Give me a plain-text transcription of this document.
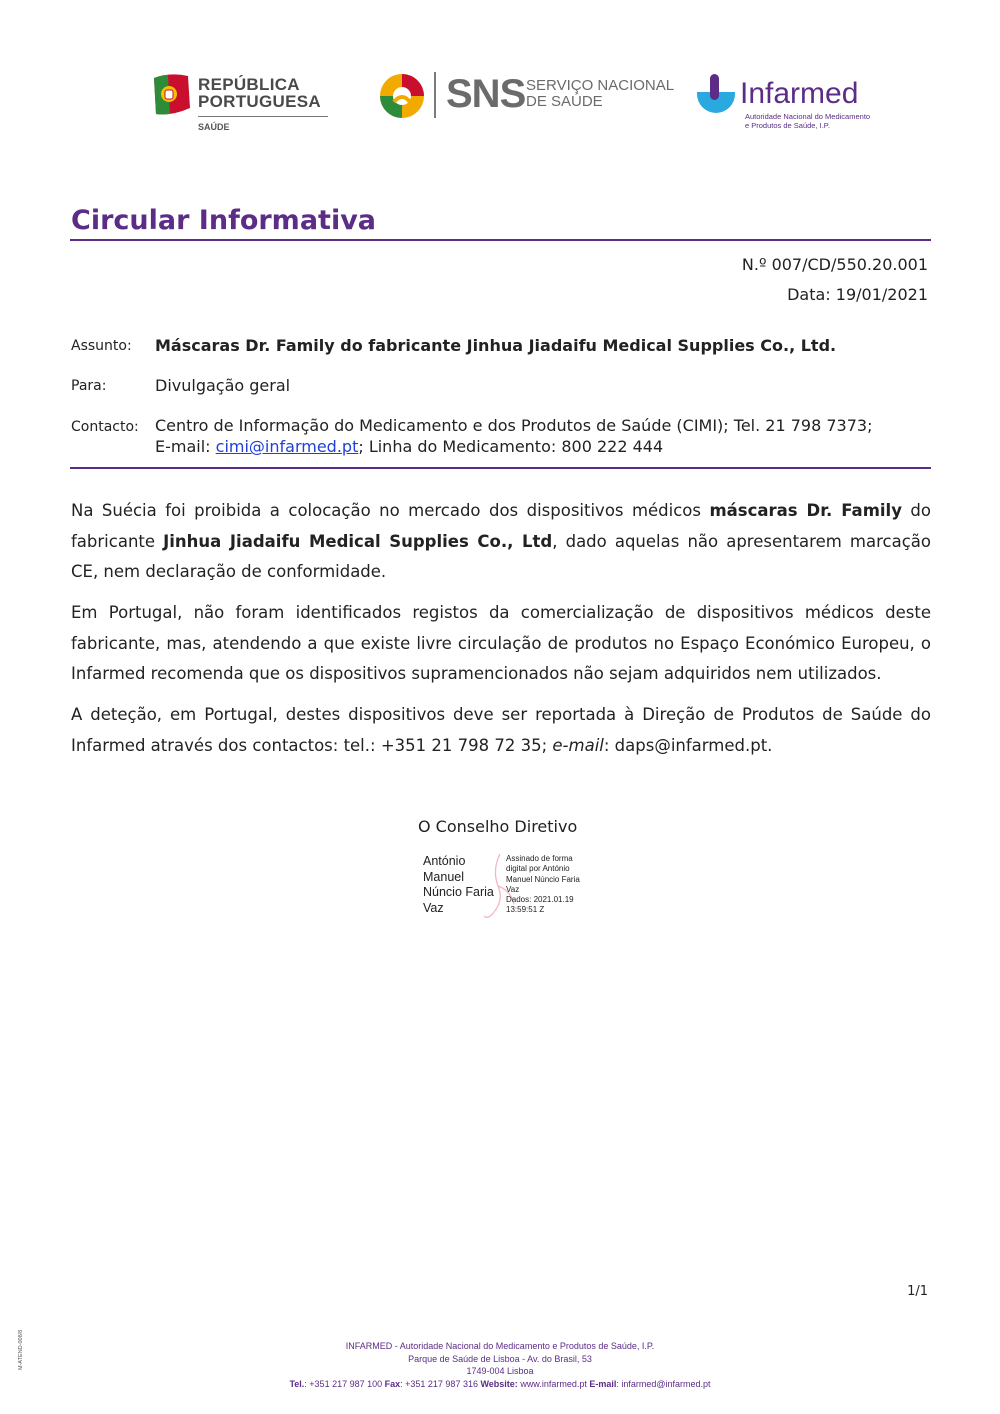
REPÚBLICA
PORTUGUESA
SAÚDE
SNS SERVIÇO NACIONAL
DE SAÚDE	Infarmed
Autoridade Nacional do Medicamento
e Produtos de Saúde, I.P.
Circular Informativa
N.º 007/CD/550.20.001
Data: 19/01/2021
Assunto: Máscaras Dr. Family do fabricante Jinhua Jiadaifu Medical Supplies Co., Ltd.
Para:	Divulgação geral
Contacto: Centro de Informação do Medicamento e dos Produtos de Saúde (CIMI); Tel. 21 798 7373;
E-mail: cimi@infarmed.pt; Linha do Medicamento: 800 222 444
Na Suécia foi proibida a colocação no mercado dos dispositivos médicos máscaras Dr. Family do fabricante Jinhua Jiadaifu Medical Supplies Co., Ltd, dado aquelas não apresentarem marcação CE, nem declaração de conformidade.
Em Portugal, não foram identificados registos da comercialização de dispositivos médicos deste fabricante, mas, atendendo a que existe livre circulação de produtos no Espaço Económico Europeu, o Infarmed recomenda que os dispositivos supramencionados não sejam adquiridos nem utilizados.
A deteção, em Portugal, destes dispositivos deve ser reportada à Direção de Produtos de Saúde do Infarmed através dos contactos: tel.: +351 21 798 72 35; e-mail: daps@infarmed.pt.
O Conselho Diretivo
António
Manuel
Núncio Faria
Vaz
Assinado de forma
digital por António
Manuel Núncio Faria
Vaz
Dados: 2021.01.19
13:59:51 Z
1/1
M-ATEND-008/8	INFARMED - Autoridade Nacional do Medicamento e Produtos de Saúde, I.P.
Parque de Saúde de Lisboa - Av. do Brasil, 53
1749-004 Lisboa
Tel.: +351 217 987 100 Fax: +351 217 987 316 Website: www.infarmed.pt E-mail: infarmed@infarmed.pt
